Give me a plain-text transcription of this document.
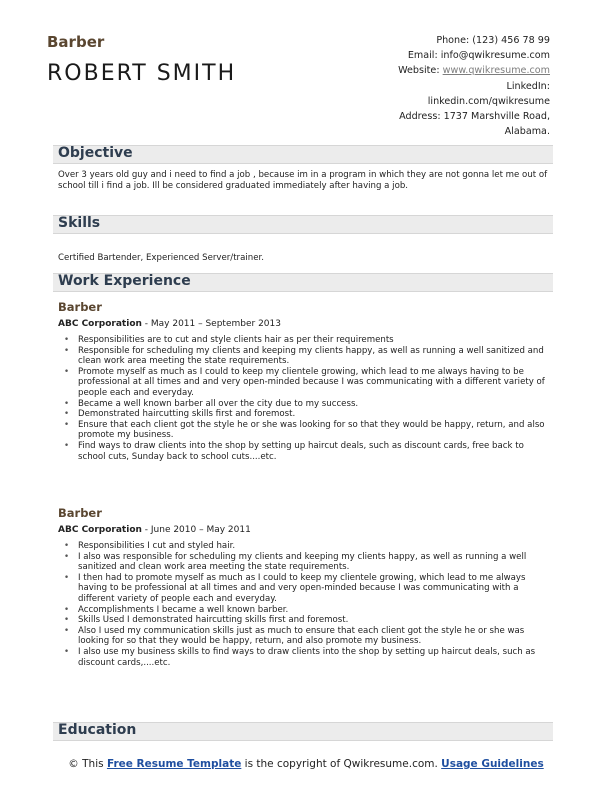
Barber
ROBERT SMITH
Phone: (123) 456 78 99
Email: info@qwikresume.com
Website: www.qwikresume.com
LinkedIn:
linkedin.com/qwikresume
Address: 1737 Marshville Road,
Alabama.
Objective
Over 3 years old guy and i need to find a job , because im in a program in which they are not gonna let me out of school till i find a job. Ill be considered graduated immediately after having a job.
Skills
Certified Bartender, Experienced Server/trainer.
Work Experience
Barber
ABC Corporation - May 2011 – September 2013
• Responsibilities are to cut and style clients hair as per their requirements
• Responsible for scheduling my clients and keeping my clients happy, as well as running a well sanitized and clean work area meeting the state requirements.
• Promote myself as much as I could to keep my clientele growing, which lead to me always having to be professional at all times and and very open-minded because I was communicating with a different variety of people each and everyday.
• Became a well known barber all over the city due to my success.
• Demonstrated haircutting skills first and foremost.
• Ensure that each client got the style he or she was looking for so that they would be happy, return, and also promote my business.
• Find ways to draw clients into the shop by setting up haircut deals, such as discount cards, free back to school cuts, Sunday back to school cuts....etc.
Barber
ABC Corporation - June 2010 – May 2011
• Responsibilities I cut and styled hair.
• I also was responsible for scheduling my clients and keeping my clients happy, as well as running a well sanitized and clean work area meeting the state requirements.
• I then had to promote myself as much as I could to keep my clientele growing, which lead to me always having to be professional at all times and and very open-minded because I was communicating with a different variety of people each and everyday.
• Accomplishments I became a well known barber.
• Skills Used I demonstrated haircutting skills first and foremost.
• Also I used my communication skills just as much to ensure that each client got the style he or she was looking for so that they would be happy, return, and also promote my business.
• I also use my business skills to find ways to draw clients into the shop by setting up haircut deals, such as discount cards,....etc.
Education
© This Free Resume Template is the copyright of Qwikresume.com. Usage Guidelines
